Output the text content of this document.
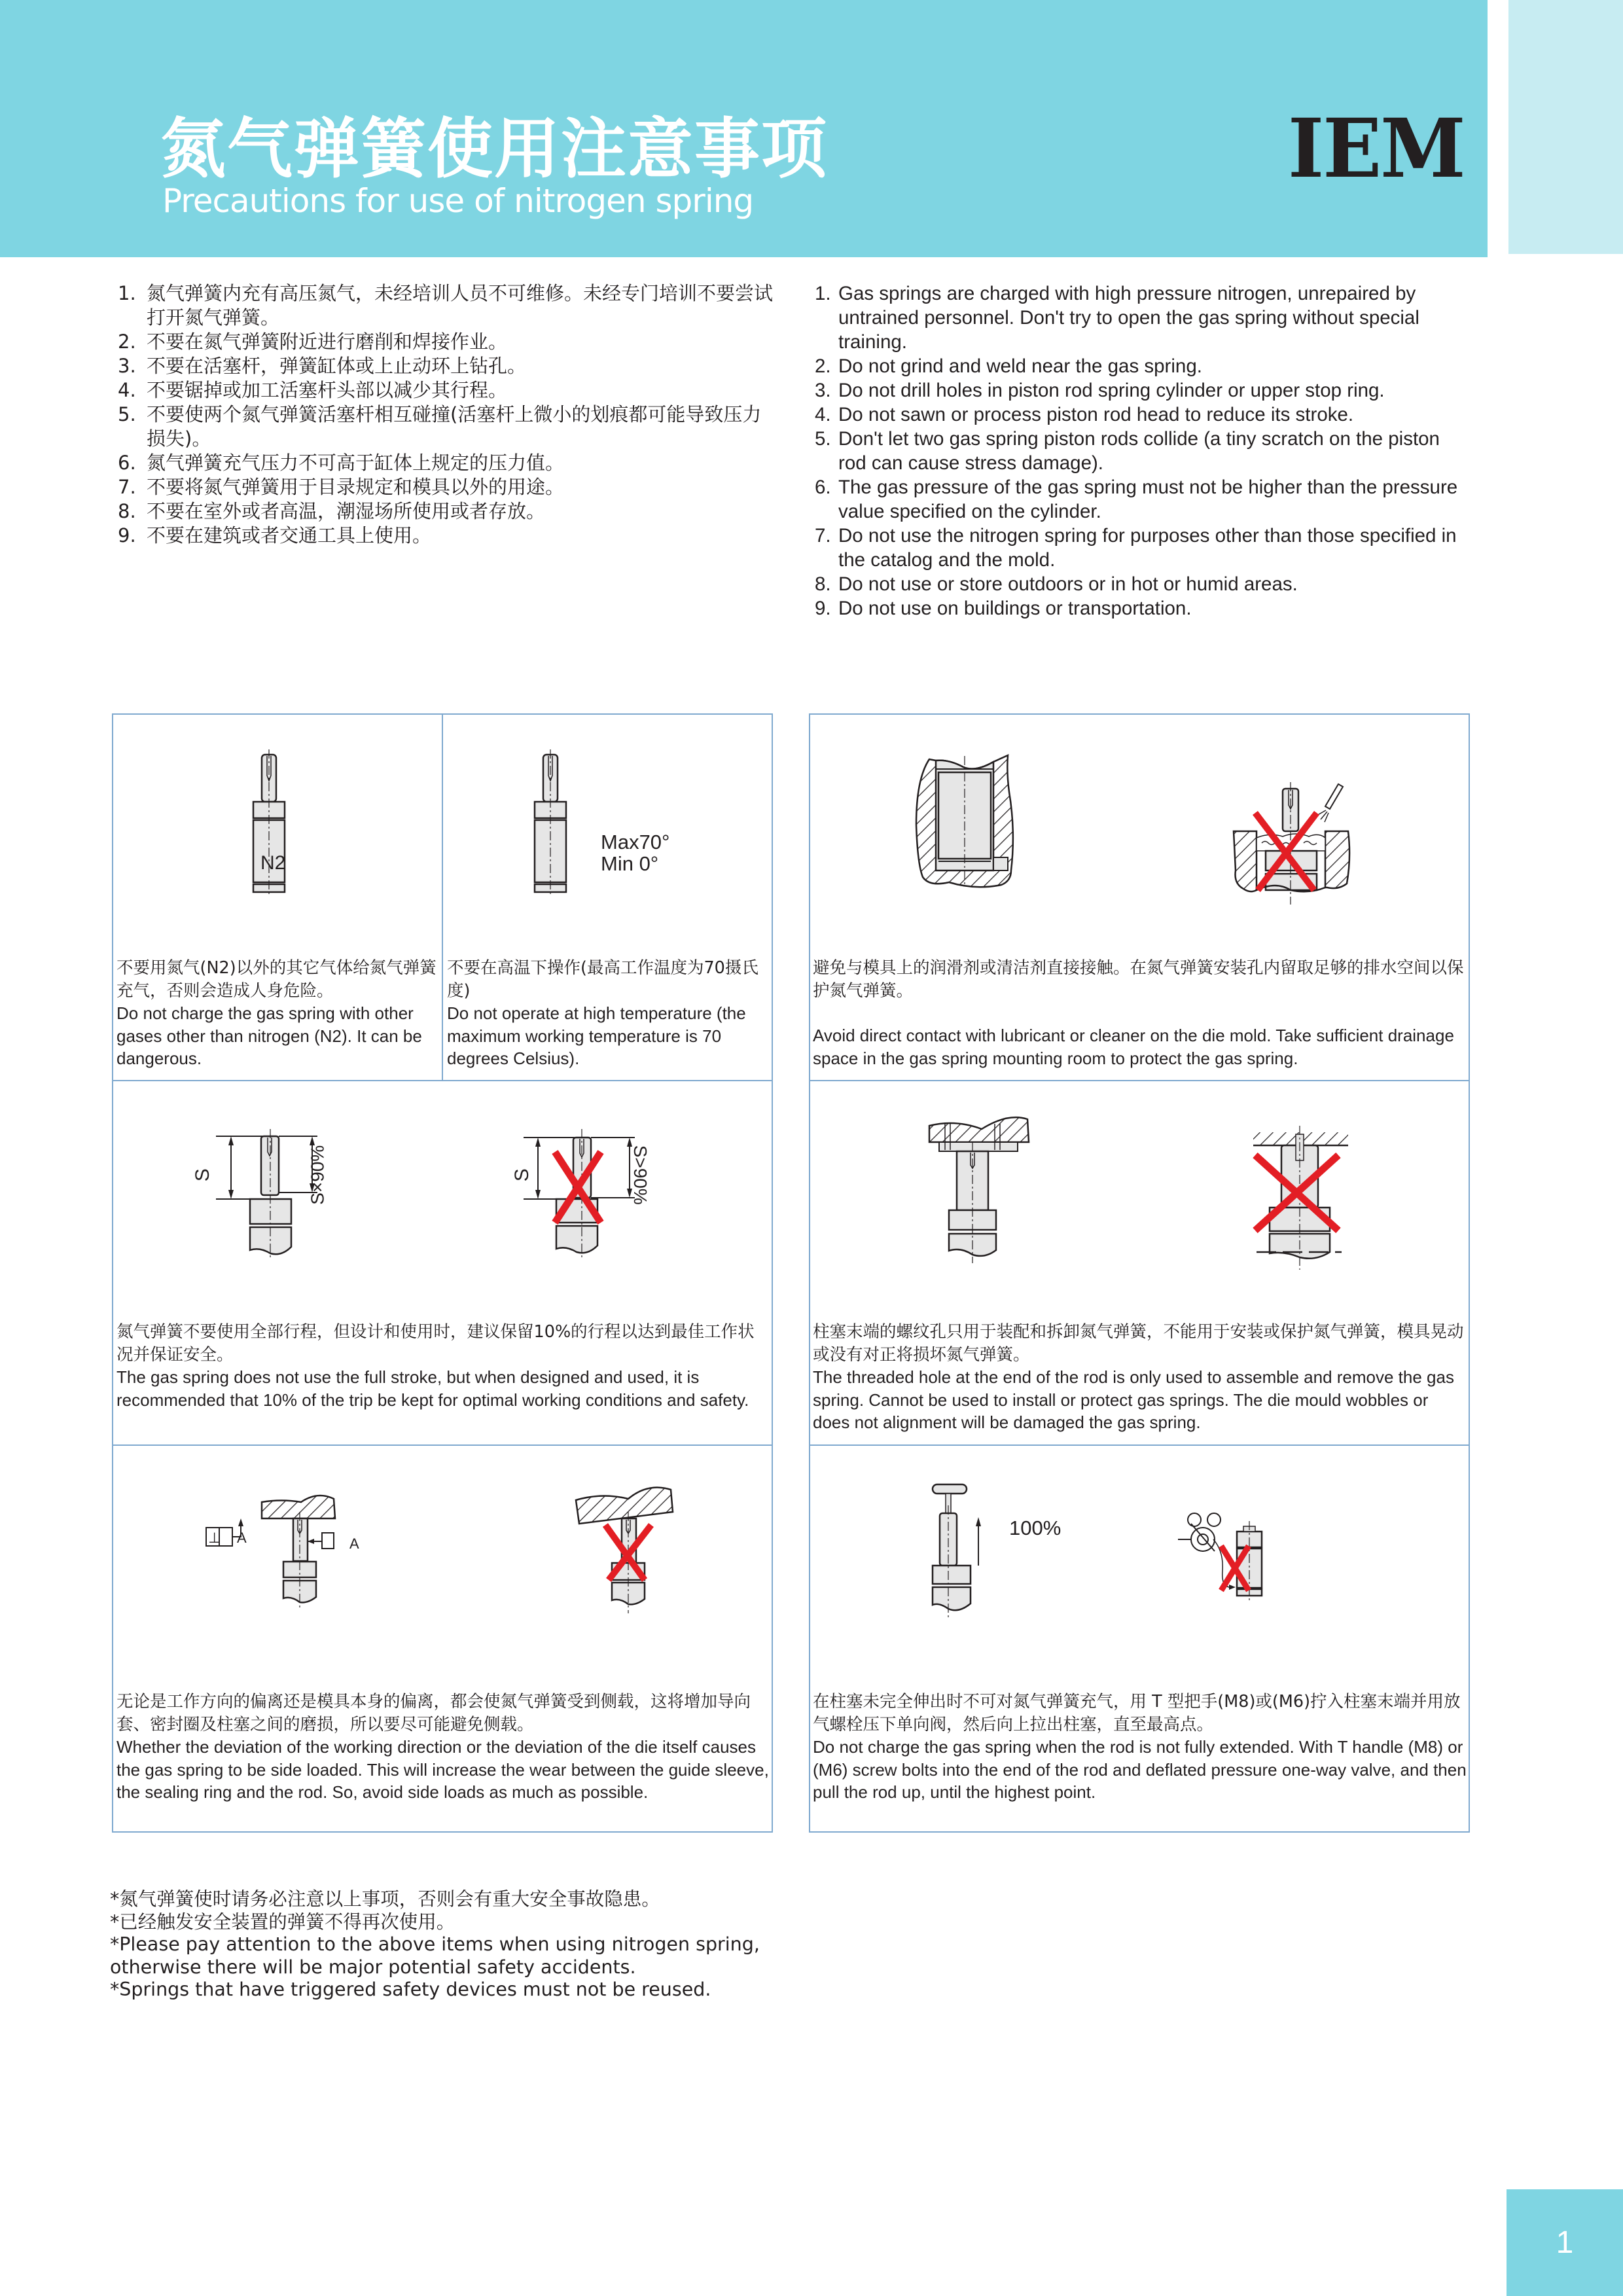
氮气弹簧使用注意事项
Precautions for use of nitrogen spring
IEM
1. 氮气弹簧内充有高压氮气，未经培训人员不可维修。未经专门培训不要尝试打开氮气弹簧。
2. 不要在氮气弹簧附近进行磨削和焊接作业。
3. 不要在活塞杆，弹簧缸体或上止动环上钻孔。
4. 不要锯掉或加工活塞杆头部以减少其行程。
5. 不要使两个氮气弹簧活塞杆相互碰撞(活塞杆上微小的划痕都可能导致压力损失)。
6. 氮气弹簧充气压力不可高于缸体上规定的压力值。
7. 不要将氮气弹簧用于目录规定和模具以外的用途。
8. 不要在室外或者高温，潮湿场所使用或者存放。
9. 不要在建筑或者交通工具上使用。
1. Gas springs are charged with high pressure nitrogen, unrepaired by untrained personnel. Don't try to open the gas spring without special training.
2. Do not grind and weld near the gas spring.
3. Do not drill holes in piston rod spring cylinder or upper stop ring.
4. Do not sawn or process piston rod head to reduce its stroke.
5. Don't let two gas spring piston rods collide (a tiny scratch on the piston rod can cause stress damage).
6. The gas pressure of the gas spring must not be higher than the pressure value specified on the cylinder.
7. Do not use the nitrogen spring for purposes other than those specified in the catalog and the mold.
8. Do not use or store outdoors or in hot or humid areas.
9. Do not use on buildings or transportation.
N2
不要用氮气(N2)以外的其它气体给氮气弹簧充气，否则会造成人身危险。
Do not charge the gas spring with other gases other than nitrogen (N2). It can be dangerous.
Max70°
Min 0°
不要在高温下操作(最高工作温度为70摄氏度)
Do not operate at high temperature (the maximum working temperature is 70 degrees Celsius).
S	S×90%	S	S>90%
氮气弹簧不要使用全部行程，但设计和使用时，建议保留10%的行程以达到最佳工作状况并保证安全。
The gas spring does not use the full stroke, but when designed and used, it is recommended that 10% of the trip be kept for optimal working conditions and safety.
⊥ A	A
无论是工作方向的偏离还是模具本身的偏离，都会使氮气弹簧受到侧载，这将增加导向套、密封圈及柱塞之间的磨损，所以要尽可能避免侧载。
Whether the deviation of the working direction or the deviation of the die itself causes the gas spring to be side loaded. This will increase the wear between the guide sleeve, the sealing ring and the rod. So, avoid side loads as much as possible.
避免与模具上的润滑剂或清洁剂直接接触。在氮气弹簧安装孔内留取足够的排水空间以保护氮气弹簧。
Avoid direct contact with lubricant or cleaner on the die mold. Take sufficient drainage space in the gas spring mounting room to protect the gas spring.
柱塞末端的螺纹孔只用于装配和拆卸氮气弹簧，不能用于安装或保护氮气弹簧，模具晃动或没有对正将损坏氮气弹簧。
The threaded hole at the end of the rod is only used to assemble and remove the gas spring. Cannot be used to install or protect gas springs. The die mould wobbles or does not alignment will be damaged the gas spring.
100%
在柱塞未完全伸出时不可对氮气弹簧充气，用 T 型把手(M8)或(M6)拧入柱塞末端并用放气螺栓压下单向阀，然后向上拉出柱塞，直至最高点。
Do not charge the gas spring when the rod is not fully extended. With T handle (M8) or (M6) screw bolts into the end of the rod and deflated pressure one-way valve, and then pull the rod up, until the highest point.
*氮气弹簧使时请务必注意以上事项，否则会有重大安全事故隐患。
*已经触发安全装置的弹簧不得再次使用。
*Please pay attention to the above items when using nitrogen spring,
otherwise there will be major potential safety accidents.
*Springs that have triggered safety devices must not be reused.
1
